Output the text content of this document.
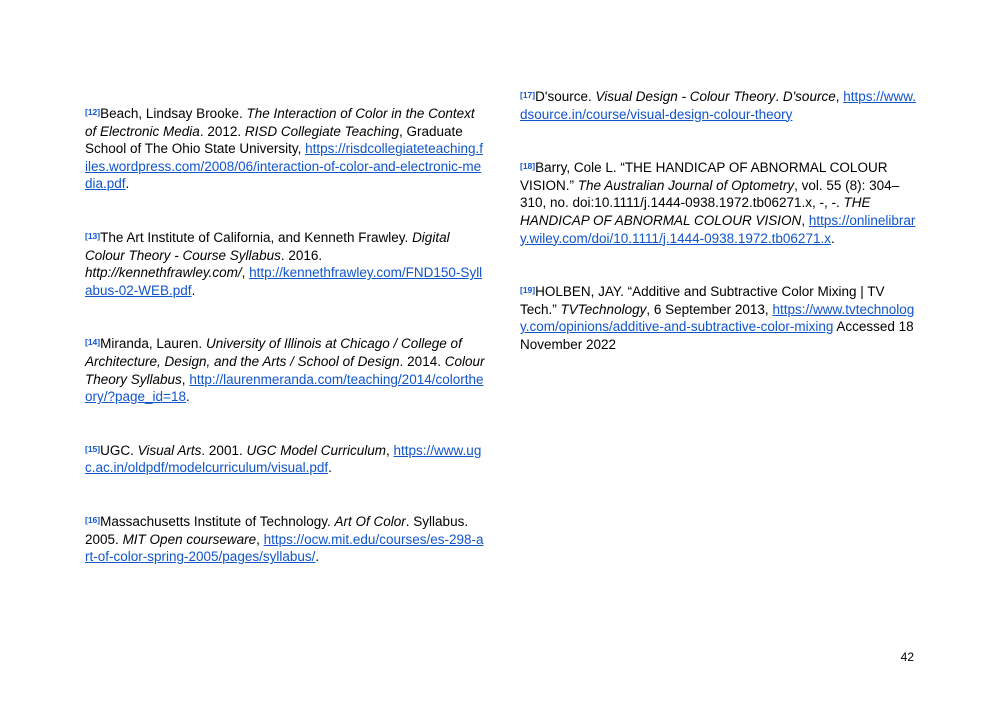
[12]Beach, Lindsay Brooke. The Interaction of Color in the Context of Electronic Media. 2012. RISD Collegiate Teaching, Graduate School of The Ohio State University, https://risdcollegiateteaching.files.wordpress.com/2008/06/interaction-of-color-and-electronic-media.pdf.

[13]The Art Institute of California, and Kenneth Frawley. Digital Colour Theory - Course Syllabus. 2016. http://kennethfrawley.com/, http://kennethfrawley.com/FND150-Syllabus-02-WEB.pdf.

[14]Miranda, Lauren. University of Illinois at Chicago / College of Architecture, Design, and the Arts / School of Design. 2014. Colour Theory Syllabus, http://laurenmeranda.com/teaching/2014/colortheory/?page_id=18.

[15]UGC. Visual Arts. 2001. UGC Model Curriculum, https://www.ugc.ac.in/oldpdf/modelcurriculum/visual.pdf.

[16]Massachusetts Institute of Technology. Art Of Color. Syllabus. 2005. MIT Open courseware, https://ocw.mit.edu/courses/es-298-art-of-color-spring-2005/pages/syllabus/.

[17]D'source. Visual Design - Colour Theory. D'source, https://www.dsource.in/course/visual-design-colour-theory

[18]Barry, Cole L. “THE HANDICAP OF ABNORMAL COLOUR VISION.” The Australian Journal of Optometry, vol. 55 (8): 304–310, no. doi:10.1111/j.1444-0938.1972.tb06271.x, -, -. THE HANDICAP OF ABNORMAL COLOUR VISION, https://onlinelibrary.wiley.com/doi/10.1111/j.1444-0938.1972.tb06271.x.

[19]HOLBEN, JAY. “Additive and Subtractive Color Mixing | TV Tech.” TVTechnology, 6 September 2013, https://www.tvtechnology.com/opinions/additive-and-subtractive-color-mixing Accessed 18 November 2022

42
